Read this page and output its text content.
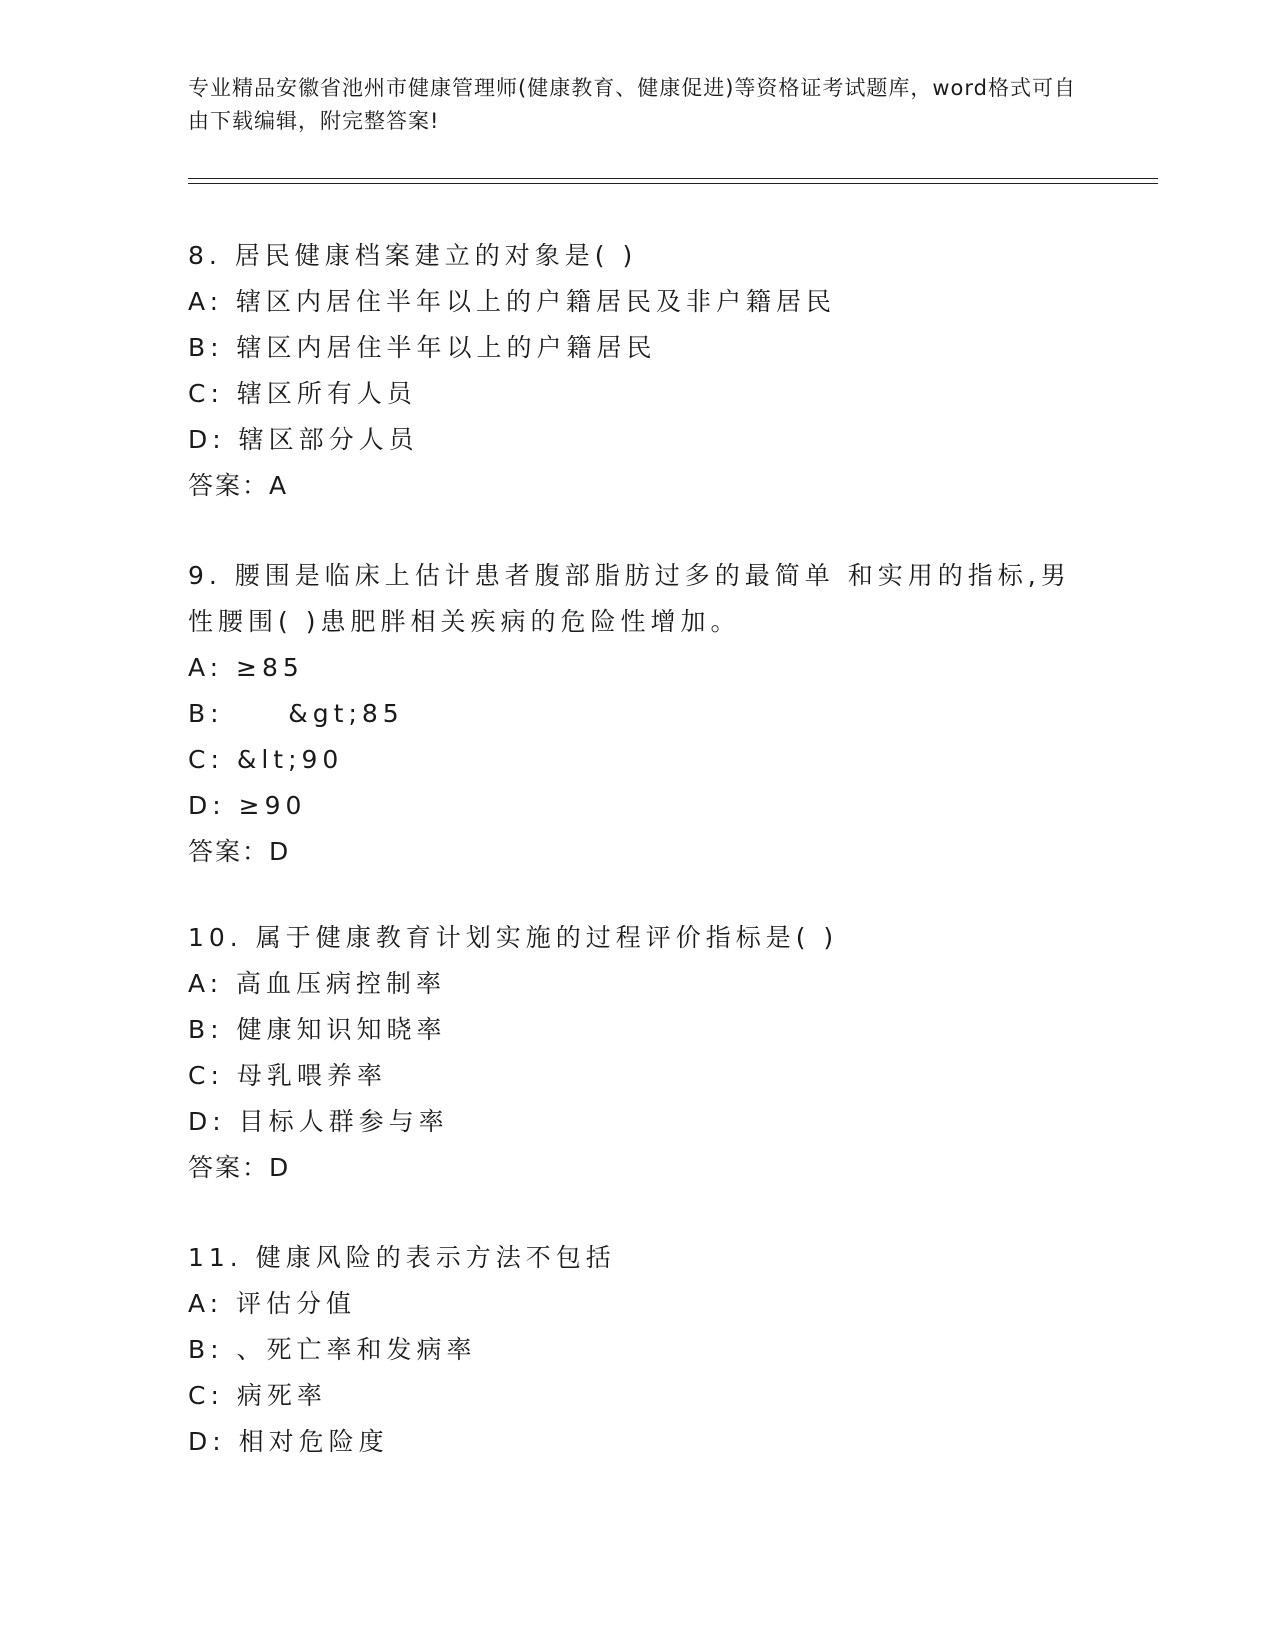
专业精品安徽省池州市健康管理师(健康教育、健康促进)等资格证考试题库，word格式可自由下载编辑，附完整答案!
8. 居民健康档案建立的对象是( )
A: 辖区内居住半年以上的户籍居民及非户籍居民
B: 辖区内居住半年以上的户籍居民
C: 辖区所有人员
D: 辖区部分人员
答案：A
9. 腰围是临床上估计患者腹部脂肪过多的最简单 和实用的指标,男性腰围( )患肥胖相关疾病的危险性增加。
A: ≥85
B:     &gt;85
C: &lt;90
D: ≥90
答案：D
10. 属于健康教育计划实施的过程评价指标是( )
A: 高血压病控制率
B: 健康知识知晓率
C: 母乳喂养率
D: 目标人群参与率
答案：D
11. 健康风险的表示方法不包括
A: 评估分值
B: 、死亡率和发病率
C: 病死率
D: 相对危险度
